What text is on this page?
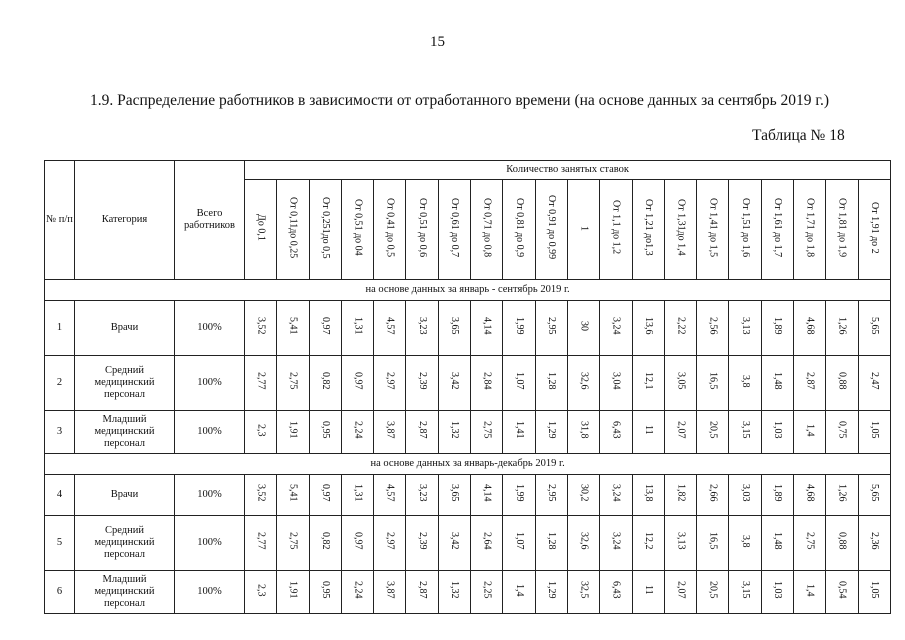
15
1.9. Распределение работников в зависимости от отработанного времени (на основе данных за сентябрь 2019 г.)
Таблица № 18
№ п/п	Категория	Всего работников	Количество занятых ставок																			
			До 0,1	От 0,11до 0,25	От 0,251до 0,5	От 0,51 до 04	От 0,41 до 0,5	От 0,51 до 0,6	От 0,61 до 0,7	От 0,71 до 0,8	От 0,81 до 0,9	От 0,91 до 0,99	1	От 1,1 до 1,2	От 1,21 до1,3	От 1,31до 1,4	От 1,41 до 1,5	От 1,51 до 1,6	От 1,61 до 1,7	От 1,71 до 1,8	От 1,81 до 1,9	От 1,91 до 2
на основе данных за январь - сентябрь 2019 г.																						
1	Врачи	100%	3,52	5,41	0,97	1,31	4,57	3,23	3,65	4,14	1,99	2,95	30	3,24	13,6	2,22	2,56	3,13	1,89	4,68	1,26	5,65
2	Средний медицинский персонал	100%	2,77	2,75	0,82	0,97	2,97	2,39	3,42	2,84	1,07	1,28	32,6	3,04	12,1	3,05	16,5	3,8	1,48	2,87	0,88	2,47
3	Младший медицинский персонал	100%	2,3	1,91	0,95	2,24	3,87	2,87	1,32	2,75	1,41	1,29	31,8	6,43	11	2,07	20,5	3,15	1,03	1,4	0,75	1,05
на основе данных за январь-декабрь 2019 г.																						
4	Врачи	100%	3,52	5,41	0,97	1,31	4,57	3,23	3,65	4,14	1,99	2,95	30,2	3,24	13,8	1,82	2,66	3,03	1,89	4,68	1,26	5,65
5	Средний медицинский персонал	100%	2,77	2,75	0,82	0,97	2,97	2,39	3,42	2,64	1,07	1,28	32,6	3,24	12,2	3,13	16,5	3,8	1,48	2,75	0,88	2,36
6	Младший медицинский персонал	100%	2,3	1,91	0,95	2,24	3,87	2,87	1,32	2,25	1,4	1,29	32,5	6,43	11	2,07	20,5	3,15	1,03	1,4	0,54	1,05
